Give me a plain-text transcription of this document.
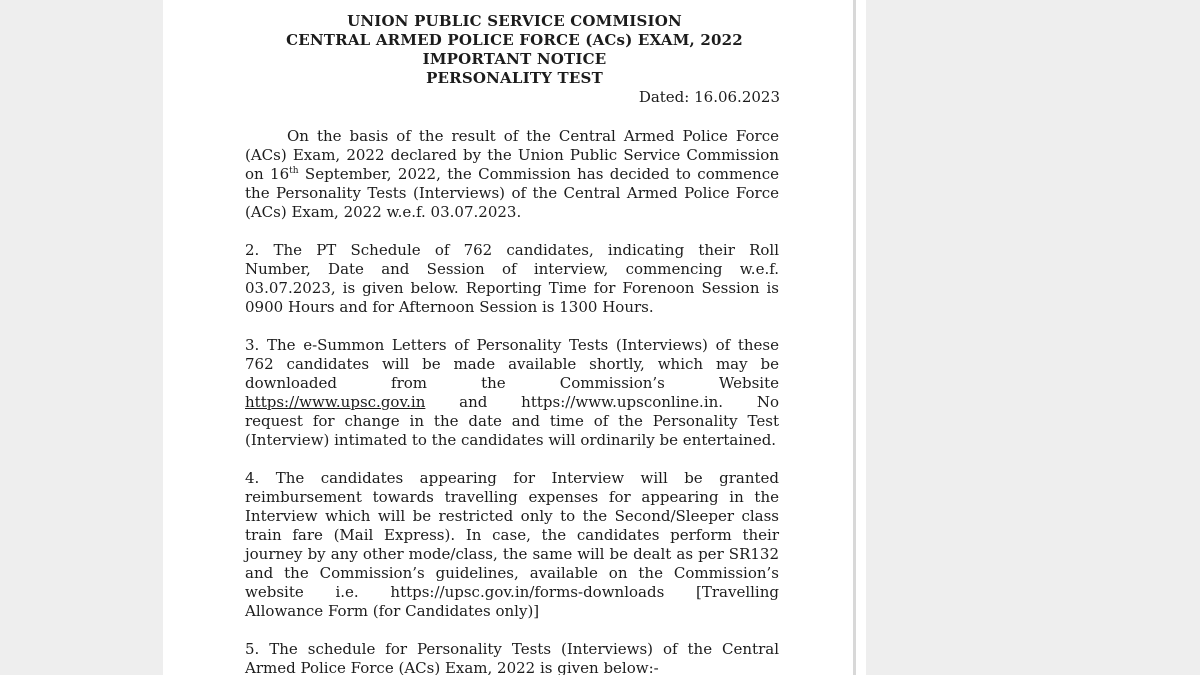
UNION PUBLIC SERVICE COMMISION
CENTRAL ARMED POLICE FORCE (ACs) EXAM, 2022
IMPORTANT NOTICE
PERSONALITY TEST
Dated: 16.06.2023
On the basis of the result of the Central Armed Police Force
(ACs) Exam, 2022 declared by the Union Public Service Commission
on 16th September, 2022, the Commission has decided to commence
the Personality Tests (Interviews) of the Central Armed Police Force
(ACs) Exam, 2022 w.e.f. 03.07.2023.
2. The PT Schedule of 762 candidates, indicating their Roll
Number, Date and Session of interview, commencing w.e.f.
03.07.2023, is given below. Reporting Time for Forenoon Session is
0900 Hours and for Afternoon Session is 1300 Hours.
3. The e-Summon Letters of Personality Tests (Interviews) of these
762 candidates will be made available shortly, which may be
downloaded from the Commission’s Website
https://www.upsc.gov.in and https://www.upsconline.in. No
request for change in the date and time of the Personality Test
(Interview) intimated to the candidates will ordinarily be entertained.
4. The candidates appearing for Interview will be granted
reimbursement towards travelling expenses for appearing in the
Interview which will be restricted only to the Second/Sleeper class
train fare (Mail Express). In case, the candidates perform their
journey by any other mode/class, the same will be dealt as per SR132
and the Commission’s guidelines, available on the Commission’s
website i.e. https://upsc.gov.in/forms-downloads [Travelling
Allowance Form (for Candidates only)]
5. The schedule for Personality Tests (Interviews) of the Central
Armed Police Force (ACs) Exam, 2022 is given below:-
